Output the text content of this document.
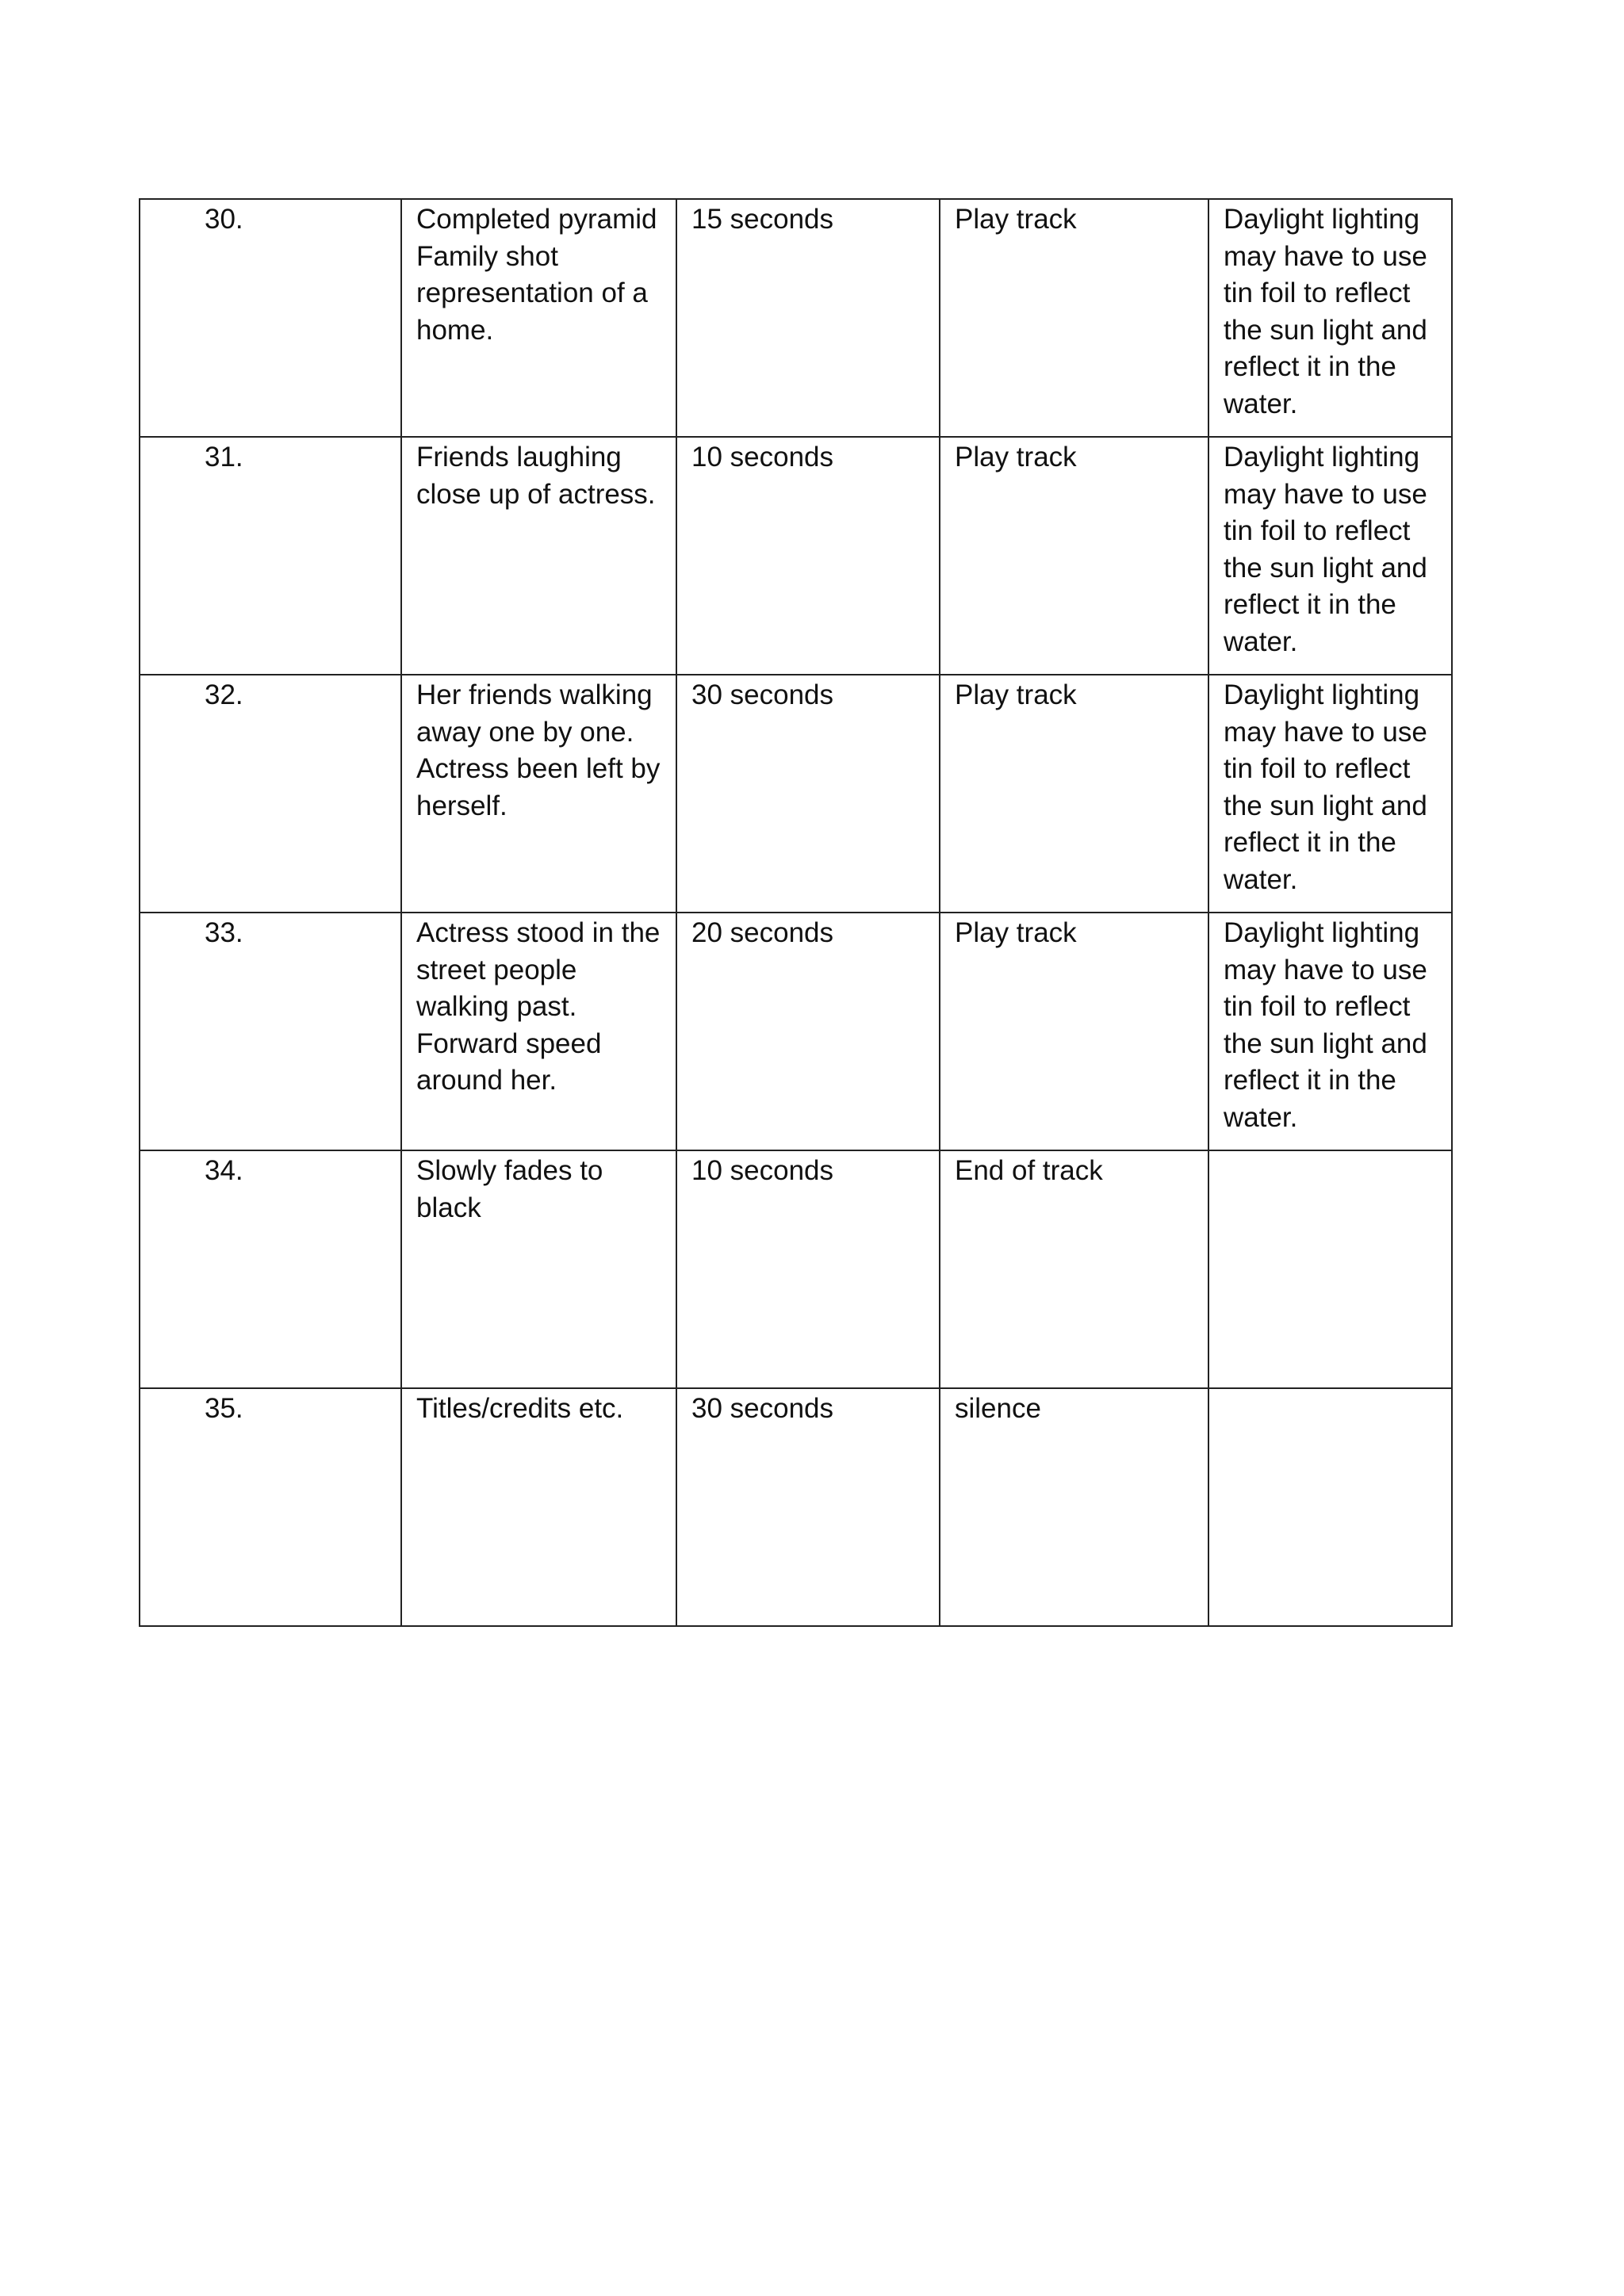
30.	Completed pyramid Family shot representation of a home.	15 seconds	Play track	Daylight lighting may have to use tin foil to reflect the sun light and reflect it in the water.
31.	Friends laughing close up of actress.	10 seconds	Play track	Daylight lighting may have to use tin foil to reflect the sun light and reflect it in the water.
32.	Her friends walking away one by one. Actress been left by herself.	30 seconds	Play track	Daylight lighting may have to use tin foil to reflect the sun light and reflect it in the water.
33.	Actress stood in the street people walking past. Forward speed around her.	20 seconds	Play track	Daylight lighting may have to use tin foil to reflect the sun light and reflect it in the water.
34.	Slowly fades to black	10 seconds	End of track	
35.	Titles/credits etc.	30 seconds	silence	
